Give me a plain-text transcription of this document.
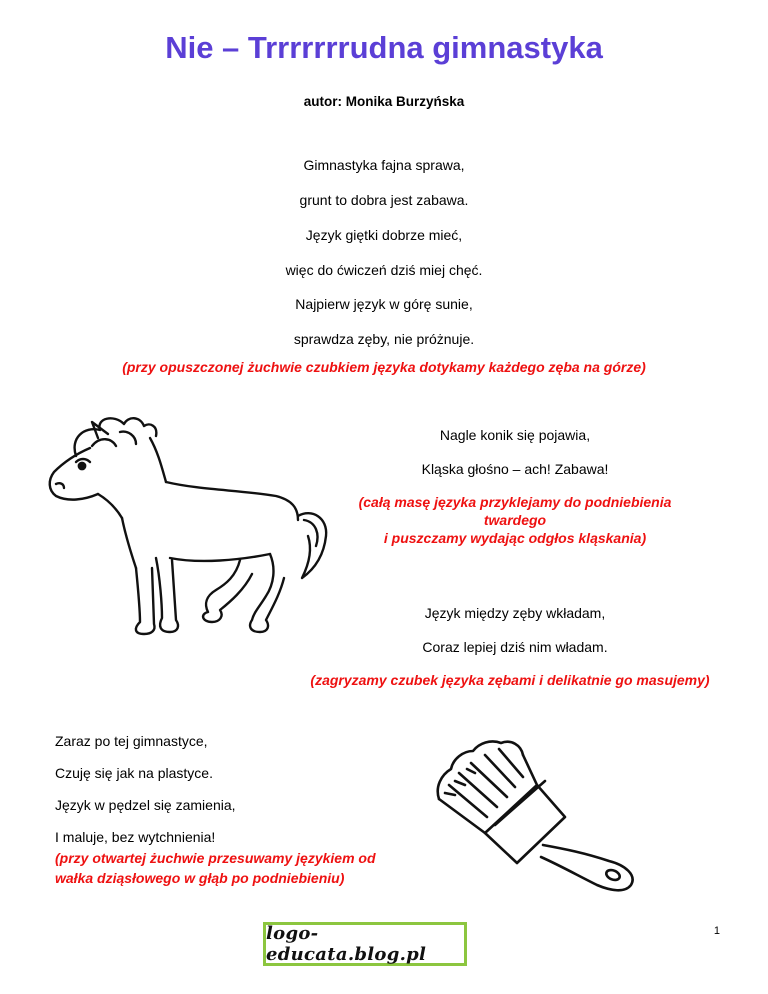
Nie – Trrrrrrrudna gimnastyka
autor: Monika Burzyńska
Gimnastyka fajna sprawa,
grunt to dobra jest zabawa.
Język giętki dobrze mieć,
więc do ćwiczeń dziś miej chęć.
Najpierw język w górę sunie,
sprawdza zęby, nie próżnuje.
(przy opuszczonej żuchwie czubkiem języka dotykamy każdego zęba na górze)
Nagle konik się pojawia,
Kląska głośno – ach! Zabawa!
(całą masę języka przyklejamy do podniebienia
twardego
i puszczamy wydając odgłos kląskania)
Język między zęby wkładam,
Coraz lepiej dziś nim władam.
(zagryzamy czubek języka zębami i delikatnie go masujemy)
Zaraz po tej gimnastyce,
Czuję się jak na plastyce.
Język w pędzel się zamienia,
I maluje, bez wytchnienia!
(przy otwartej żuchwie przesuwamy językiem od
wałka dziąsłowego w głąb po podniebieniu)
logo-educata.blog.pl
1
